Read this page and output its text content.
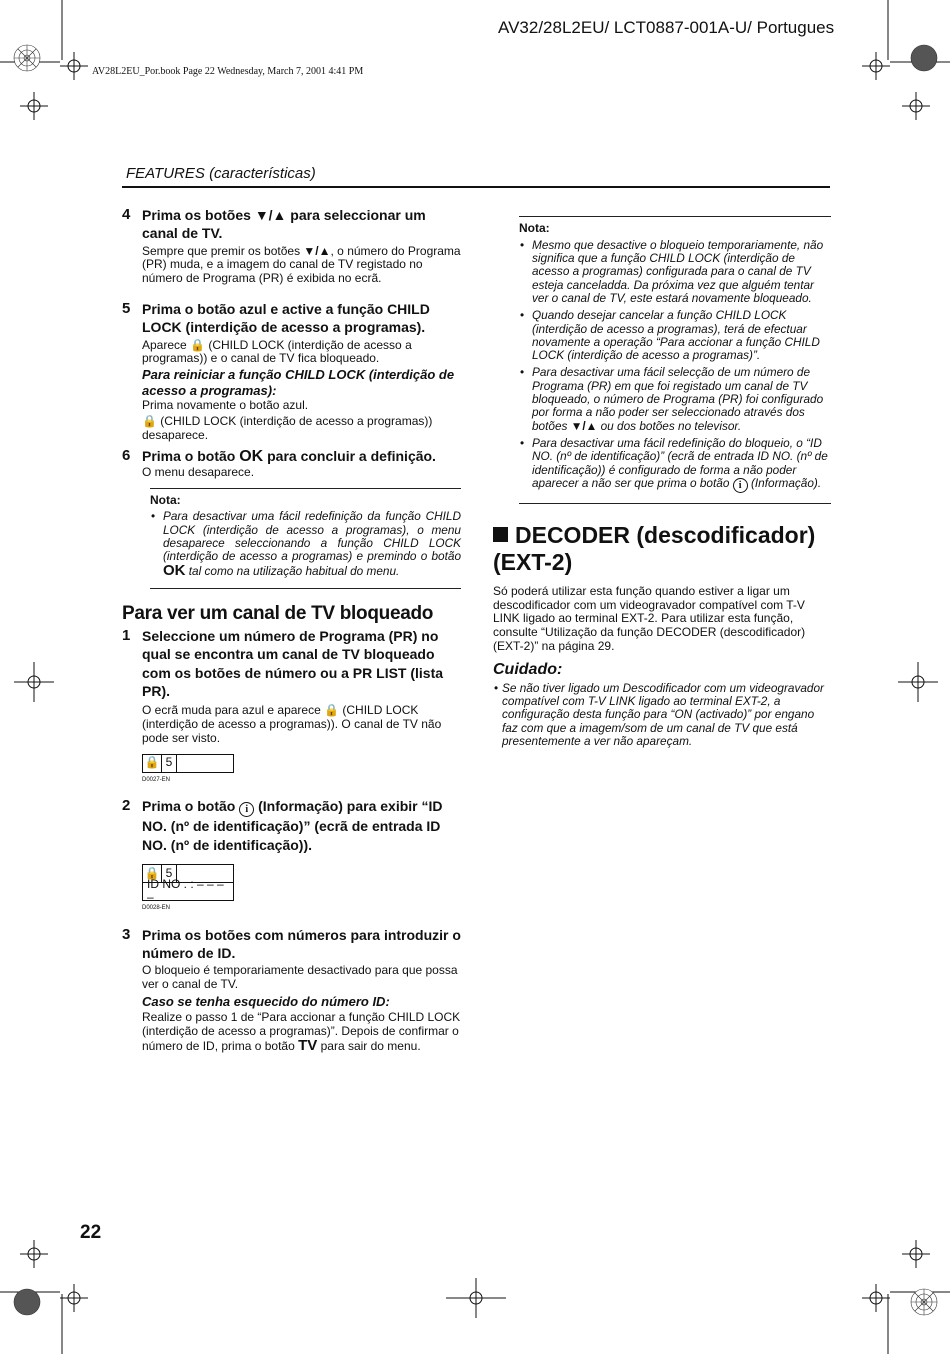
AV32/28L2EU/ LCT0887-001A-U/ Portugues
AV28L2EU_Por.book Page 22 Wednesday, March 7, 2001 4:41 PM
FEATURES (características)
22
4 Prima os botões ▼/▲ para seleccionar um canal de TV.
Sempre que premir os botões ▼/▲, o número do Programa (PR) muda, e a imagem do canal de TV registado no número de Programa (PR) é exibida no ecrã.
5 Prima o botão azul e active a função CHILD LOCK (interdição de acesso a programas).
Aparece 🔒 (CHILD LOCK (interdição de acesso a programas)) e o canal de TV fica bloqueado.
Para reiniciar a função CHILD LOCK (interdição de acesso a programas):
Prima novamente o botão azul.
🔒 (CHILD LOCK (interdição de acesso a programas)) desaparece.
6 Prima o botão OK para concluir a definição.
O menu desaparece.
Nota:
• Para desactivar uma fácil redefinição da função CHILD LOCK (interdição de acesso a programas), o menu desaparece seleccionando a função CHILD LOCK (interdição de acesso a programas) e premindo o botão OK tal como na utilização habitual do menu.
Para ver um canal de TV bloqueado
1 Seleccione um número de Programa (PR) no qual se encontra um canal de TV bloqueado com os botões de número ou a PR LIST (lista PR).
O ecrã muda para azul e aparece 🔒 (CHILD LOCK (interdição de acesso a programas)). O canal de TV não pode ser visto.
🔒 5
D0027-EN
2 Prima o botão i (Informação) para exibir “ID NO. (nº de identificação)” (ecrã de entrada ID NO. (nº de identificação)).
🔒 5
ID NO . : – – – –
D0028-EN
3 Prima os botões com números para introduzir o número de ID.
O bloqueio é temporariamente desactivado para que possa ver o canal de TV.
Caso se tenha esquecido do número ID:
Realize o passo 1 de “Para accionar a função CHILD LOCK (interdição de acesso a programas)”. Depois de confirmar o número de ID, prima o botão TV para sair do menu.
Nota:
• Mesmo que desactive o bloqueio temporariamente, não significa que a função CHILD LOCK (interdição de acesso a programas) configurada para o canal de TV esteja canceladda. Da próxima vez que alguém tentar ver o canal de TV, este estará novamente bloqueado.
• Quando desejar cancelar a função CHILD LOCK (interdição de acesso a programas), terá de efectuar novamente a operação “Para accionar a função CHILD LOCK (interdição de acesso a programas)”.
• Para desactivar uma fácil selecção de um número de Programa (PR) em que foi registado um canal de TV bloqueado, o número de Programa (PR) foi configurado por forma a não poder ser seleccionado através dos botões ▼/▲ ou dos botões no televisor.
• Para desactivar uma fácil redefinição do bloqueio, o “ID NO. (nº de identificação)” (ecrã de entrada ID NO. (nº de identificação)) é configurado de forma a não poder aparecer a não ser que prima o botão i (Informação).
DECODER (descodificador) (EXT-2)
Só poderá utilizar esta função quando estiver a ligar um descodificador com um videogravador compatível com T-V LINK ligado ao terminal EXT-2. Para utilizar esta função, consulte “Utilização da função DECODER (descodificador) (EXT-2)” na página 29.
Cuidado:
• Se não tiver ligado um Descodificador com um videogravador compatível com T-V LINK ligado ao terminal EXT-2, a configuração desta função para “ON (activado)” por engano faz com que a imagem/som de um canal de TV que está presentemente a ver não apareçam.
